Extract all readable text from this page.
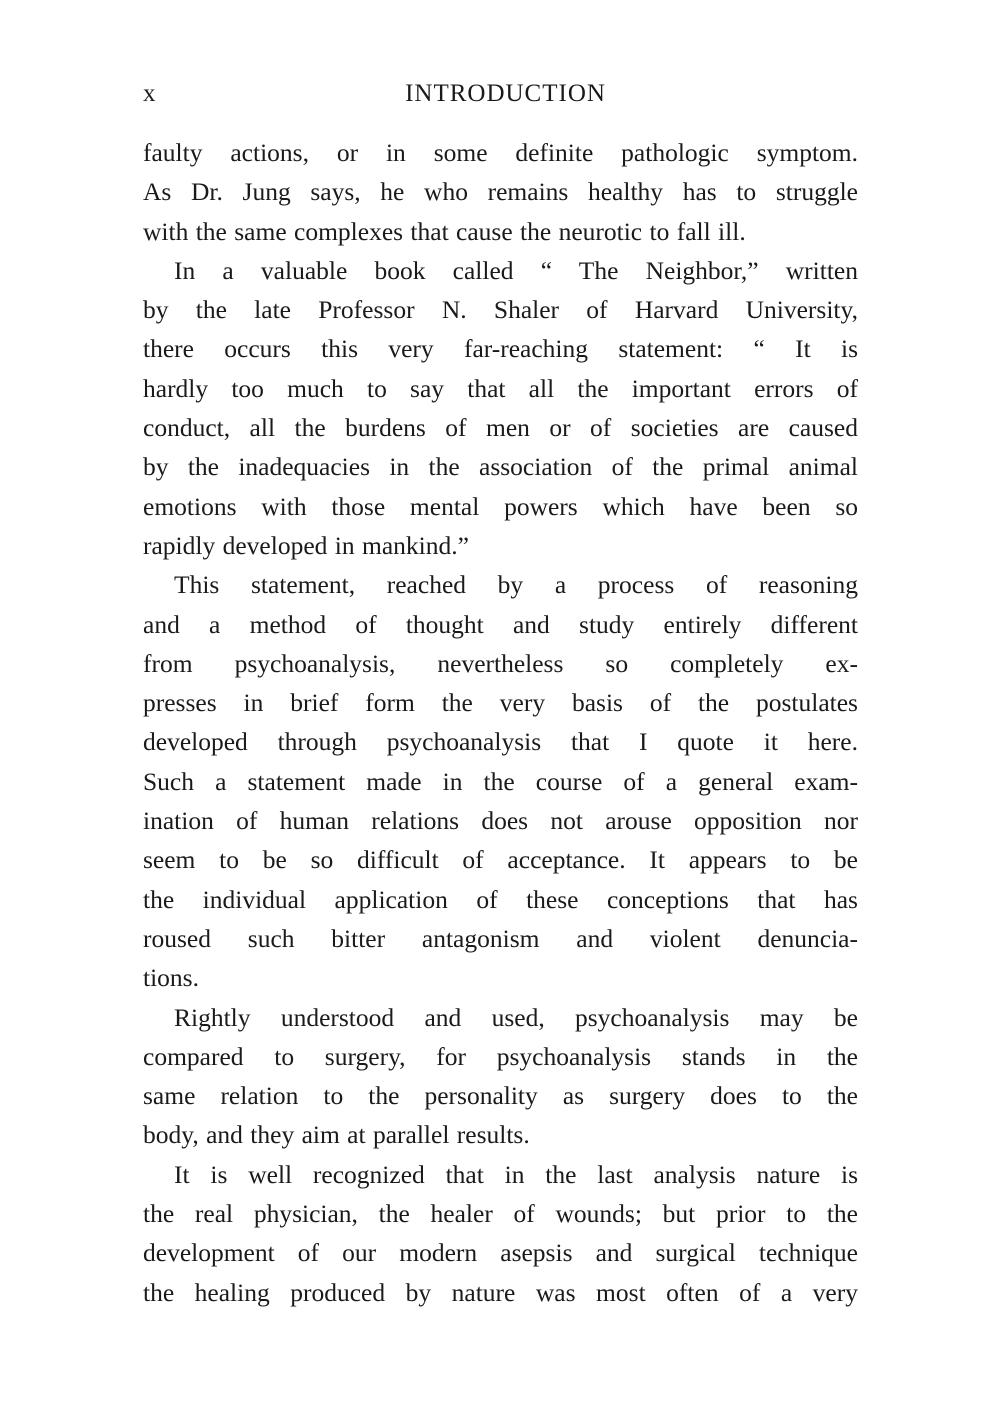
x	INTRODUCTION
faulty actions, or in some definite pathologic symptom.
As Dr. Jung says, he who remains healthy has to struggle
with the same complexes that cause the neurotic to fall ill.
In a valuable book called “ The Neighbor,” written
by the late Professor N. Shaler of Harvard University,
there occurs this very far-reaching statement: “ It is
hardly too much to say that all the important errors of
conduct, all the burdens of men or of societies are caused
by the inadequacies in the association of the primal animal
emotions with those mental powers which have been so
rapidly developed in mankind.”
This statement, reached by a process of reasoning
and a method of thought and study entirely different
from psychoanalysis, nevertheless so completely ex-
presses in brief form the very basis of the postulates
developed through psychoanalysis that I quote it here.
Such a statement made in the course of a general exam-
ination of human relations does not arouse opposition nor
seem to be so difficult of acceptance. It appears to be
the individual application of these conceptions that has
roused such bitter antagonism and violent denuncia-
tions.
Rightly understood and used, psychoanalysis may be
compared to surgery, for psychoanalysis stands in the
same relation to the personality as surgery does to the
body, and they aim at parallel results.
It is well recognized that in the last analysis nature is
the real physician, the healer of wounds; but prior to the
development of our modern asepsis and surgical technique
the healing produced by nature was most often of a very
